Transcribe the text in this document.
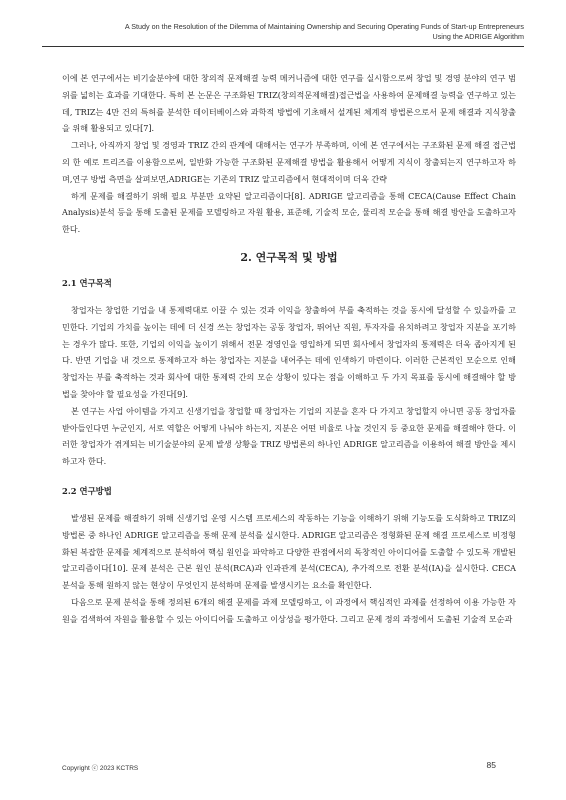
A Study on the Resolution of the Dilemma of Maintaining Ownership and Securing Operating Funds of Start-up Entrepreneurs
Using the ADRIGE Algorithm

이에 본 연구에서는 비기술분야에 대한 창의적 문제해결 능력 메커니즘에 대한 연구를 실시함으로써 창업 및 경영 분야의 연구 범위를 넓히는 효과를 기대한다. 특히 본 논문은 구조화된 TRIZ(창의적문제해결)접근법을 사용하여 문제해결 능력을 연구하고 있는데, TRIZ는 4만 건의 특허를 분석한 데이터베이스와 과학적 방법에 기초해서 설계된 체계적 방법론으로서 문제 해결과 지식창출을 위해 활용되고 있다[7].

그러나, 아직까지 창업 및 경영과 TRIZ 간의 관계에 대해서는 연구가 부족하며, 이에 본 연구에서는 구조화된 문제 해결 접근법의 한 예로 트리즈를 이용함으로써, 일반화 가능한 구조화된 문제해결 방법을 활용해서 어떻게 지식이 창출되는지 연구하고자 하며,연구 방법 측면을 살펴보면,ADRIGE는 기존의 TRIZ 알고리즘에서 현대적이며 더욱 간략

하게 문제를 해결하기 위해 필요 부분만 요약된 알고리즘이다[8]. ADRIGE 알고리즘을 통해 CECA(Cause Effect Chain Analysis)분석 등을 통해 도출된 문제를 모델링하고 자원 활용, 표준해, 기술적 모순, 물리적 모순을 통해 해결 방안을 도출하고자 한다.

2. 연구목적 및 방법
2.1 연구목적

창업자는 창업한 기업을 내 통제력대로 이끌 수 있는 것과 이익을 창출하여 부를 축적하는 것을 동시에 달성할 수 있을까를 고민한다. 기업의 가치를 높이는 데에 더 신경 쓰는 창업자는 공동 창업자, 뛰어난 직원, 투자자를 유치하려고 창업자 지분을 포기하는 경우가 많다. 또한, 기업의 이익을 높이기 위해서 전문 경영인을 영입하게 되면 회사에서 창업자의 통제력은 더욱 좁아지게 된다. 반면 기업을 내 것으로 통제하고자 하는 창업자는 지분을 내어주는 데에 인색하기 마련이다. 이러한 근본적인 모순으로 인해 창업자는 부를 축적하는 것과 회사에 대한 통제력 간의 모순 상황이 있다는 점을 이해하고 두 가지 목표를 동시에 해결해야 할 방법을 찾아야 할 필요성을 가진다[9].

본 연구는 사업 아이템을 가지고 신생기업을 창업할 때 창업자는 기업의 지분을 혼자 다 가지고 창업할지 아니면 공동 창업자를 받아들인다면 누군인지, 서로 역할은 어떻게 나눠야 하는지, 지분은 어떤 비율로 나눌 것인지 등 중요한 문제를 해결해야 한다. 이러한 창업자가 겪게되는 비기술분야의 문제 발생 상황을 TRIZ 방법론의 하나인 ADRIGE 알고리즘을 이용하여 해결 방안을 제시하고자 한다.

2.2 연구방법

발생된 문제를 해결하기 위해 신생기업 운영 시스템 프로세스의 작동하는 기능을 이해하기 위해 기능도를 도식화하고 TRIZ의 방법론 중 하나인 ADRIGE 알고리즘을 통해 문제 분석를 실시한다. ADRIGE 알고리즘은 정형화된 문제 해결 프로세스로 비정형화된 복잡한 문제를 체계적으로 분석하여 핵심 원인을 파악하고 다양한 관점에서의 독창적인 아이디어를 도출할 수 있도록 개발된 알고리즘이다[10]. 문제 분석은 근본 원인 분석(RCA)과 인과관계 분석(CECA), 추가적으로 전환 분석(IA)을 실시한다. CECA 분석을 통해 원하지 않는 현상이 무엇인지 분석하며 문제를 발생시키는 요소를 확인한다.

다음으로 문제 분석을 통해 정의된 6개의 해결 문제를 과제 모델링하고, 이 과정에서 핵심적인 과제를 선정하여 이용 가능한 자원을 검색하여 자원을 활용할 수 있는 아이디어를 도출하고 이상성을 평가한다. 그리고 문제 정의 과정에서 도출된 기술적 모순과

Copyright ⓒ 2023 KCTRS	85
